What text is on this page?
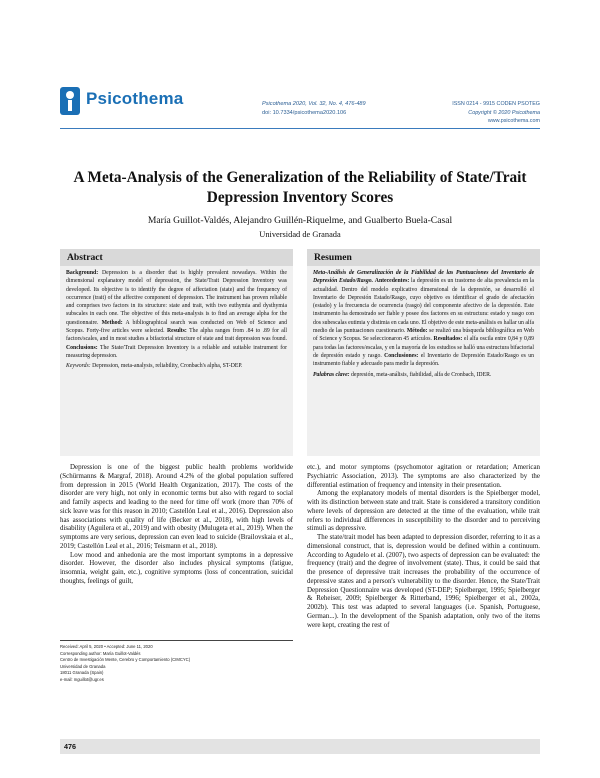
Psicothema	Psicothema 2020, Vol. 32, No. 4, 476-489
doi: 10.7334/psicothema2020.106
ISSN 0214 - 9915 CODEN PSOTEG
Copyright © 2020 Psicothema
www.psicothema.com
A Meta-Analysis of the Generalization of the Reliability of State/Trait
Depression Inventory Scores
María Guillot-Valdés, Alejandro Guillén-Riquelme, and Gualberto Buela-Casal
Universidad de Granada
Abstract
Background: Depression is a disorder that is highly prevalent nowadays. Within the dimensional explanatory model of depression, the State/Trait Depression Inventory was developed. Its objective is to identify the degree of affectation (state) and the frequency of occurrence (trait) of the affective component of depression. The instrument has proven reliable and comprises two factors in its structure: state and trait, with two euthymia and dysthymia subscales in each one. The objective of this meta-analysis is to find an average alpha for the questionnaire. Method: A bibliographical search was conducted on Web of Science and Scopus. Forty-five articles were selected. Results: The alpha ranges from .84 to .89 for all factors/scales, and in most studies a bifactorial structure of state and trait depression was found. Conclusions: The State/Trait Depression Inventory is a reliable and suitable instrument for measuring depression.
Keywords: Depression, meta-analysis, reliability, Cronbach's alpha, ST-DEP.
Resumen
Meta-Análisis de Generalización de la Fiabilidad de las Puntuaciones del Inventario de Depresión Estado/Rasgo. Antecedentes: la depresión es un trastorno de alta prevalencia en la actualidad. Dentro del modelo explicativo dimensional de la depresión, se desarrolló el Inventario de Depresión Estado/Rasgo, cuyo objetivo es identificar el grado de afectación (estado) y la frecuencia de ocurrencia (rasgo) del componente afectivo de la depresión. Este instrumento ha demostrado ser fiable y posee dos factores en su estructura: estado y rasgo con dos subescalas eutimia y distimia en cada uno. El objetivo de este meta-análisis es hallar un alfa medio de las puntuaciones cuestionario. Método: se realizó una búsqueda bibliográfica en Web of Science y Scopus. Se seleccionaron 45 artículos. Resultados: el alfa oscila entre 0,84 y 0,89 para todas las factores/escalas, y en la mayoría de los estudios se halló una estructura bifactorial de depresión estado y rasgo. Conclusiones: el Inventario de Depresión Estado/Rasgo es un instrumento fiable y adecuado para medir la depresión.
Palabras clave: depresión, meta-análisis, fiabilidad, alfa de Cronbach, IDER.

Depression is one of the biggest public health problems worldwide (Schürmanns & Margraf, 2018). Around 4.2% of the global population suffered from depression in 2015 (World Health Organization, 2017). The costs of the disorder are very high, not only in economic terms but also with regard to social and family aspects and leading to the need for time off work (more than 70% of sick leave was for this reason in 2010; Castellón Leal et al., 2016). Depression also has associations with quality of life (Becker et al., 2018), with high levels of disability (Aguilera et al., 2019) and with obesity (Mulugeta et al., 2019). When the symptoms are very serious, depression can even lead to suicide (Brailovskaia et al., 2019; Castellón Leal et al., 2016; Teismann et al., 2018).

Low mood and anhedonia are the most important symptoms in a depressive disorder. However, the disorder also includes physical symptoms (fatigue, insomnia, weight gain, etc.), cognitive symptoms (loss of concentration, suicidal thoughts, feelings of guilt,

etc.), and motor symptoms (psychomotor agitation or retardation; American Psychiatric Association, 2013). The symptoms are also characterized by the differential estimation of frequency and intensity in their presentation.

Among the explanatory models of mental disorders is the Spielberger model, with its distinction between state and trait. State is considered a transitory condition where levels of depression are detected at the time of the evaluation, while trait refers to individual differences in susceptibility to the disorder and to perceiving stimuli as depressive.

The state/trait model has been adapted to depression disorder, referring to it as a dimensional construct, that is, depression would be defined within a continuum. According to Agudelo et al. (2007), two aspects of depression can be evaluated: the frequency (trait) and the degree of involvement (state). Thus, it could be said that the presence of depressive trait increases the probability of the occurrence of depressive states and a person's vulnerability to the disorder. Hence, the State/Trait Depression Questionnaire was developed (ST-DEP; Spielberger, 1995; Spielberger & Reheiser, 2009; Spielberger & Ritterband, 1996; Spielberger et al., 2002a, 2002b). This test was adapted to several languages (i.e. Spanish, Portuguese, German...). In the development of the Spanish adaptation, only two of the items were kept, creating the rest of

Received: April 5, 2020 • Accepted: June 11, 2020
Corresponding author: María Guillot-Valdés
Centro de Investigación Mente, Cerebro y Comportamiento (CIMCYC)
Universidad de Granada
18011 Granada (Spain)
e-mail: mguillot@ugr.es
476
